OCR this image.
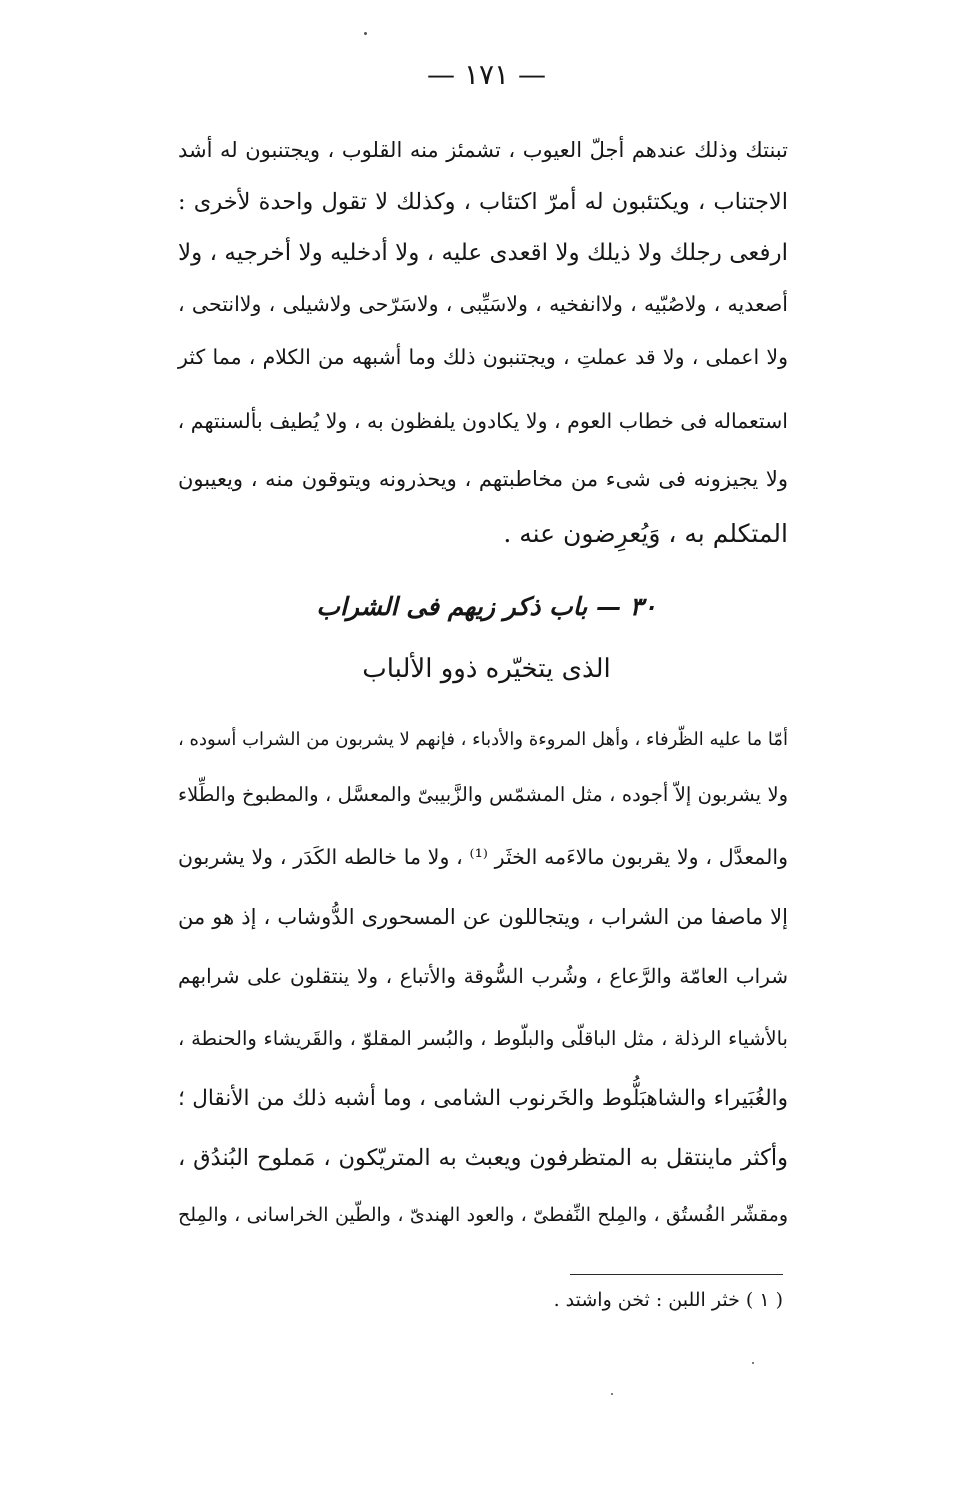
— ١٧١ —
تبنتك وذلك عندهم أجلّ العيوب ، تشمئز منه القلوب ، ويجتنبون له أشد
الاجتناب ، ويكتئبون له أمرّ اكتئاب ، وكذلك لا تقول واحدة لأخرى :
ارفعى رجلك ولا ذيلك ولا اقعدى عليه ، ولا أدخليه ولا أخرجيه ، ولا
أصعديه ، ولاصُبّيه ، ولاانفخيه ، ولاسَيِّبى ، ولاسَرّحى ولاشيلى ، ولاانتحى ،
ولا اعملى ، ولا قد عملتِ ، ويجتنبون ذلك وما أشبهه من الكلام ، مما كثر
استعماله فى خطاب العوم ، ولا يكادون يلفظون به ، ولا يُطيف بألسنتهم ،
ولا يجيزونه فى شىء من مخاطبتهم ، ويحذرونه ويتوقون منه ، ويعيبون
المتكلم به ، وَيُعرِضون عنه .
٣٠ — باب ذكر زيهم فى الشراب
الذى يتخيّره ذوو الألباب
أمّا ما عليه الظّرفاء ، وأهل المروءة والأدباء ، فإنهم لا يشربون من الشراب أسوده ،
ولا يشربون إلاّ أجوده ، مثل المشمّس والزَّبيبىّ والمعسَّل ، والمطبوخ والطِّلاء
والمعدَّل ، ولا يقربون مالاءَمه الخثَر ⁽¹⁾ ، ولا ما خالطه الكَدَر ، ولا يشربون
إلا ماصفا من الشراب ، ويتجاللون عن المسحورى الدُّوشاب ، إذ هو من
شراب العامّة والرَّعاع ، وشُرب السُّوقة والأتباع ، ولا ينتقلون على شرابهم
بالأشياء الرذلة ، مثل الباقلّى والبلّوط ، والبُسر المقلوّ ، والقَريشاء والحنطة ،
والغُبَيراء والشاهبَلُّوط والخَرنوب الشامى ، وما أشبه ذلك من الأنقال ؛
وأكثر ماينتقل به المتظرفون ويعبث به المتريّكون ، مَملوح البُندُق ،
ومقشّر الفُستُق ، والمِلح النِّفطىّ ، والعود الهندىّ ، والطّين الخراسانى ، والمِلح
( ١ ) خثر اللبن : ثخن واشتد .
